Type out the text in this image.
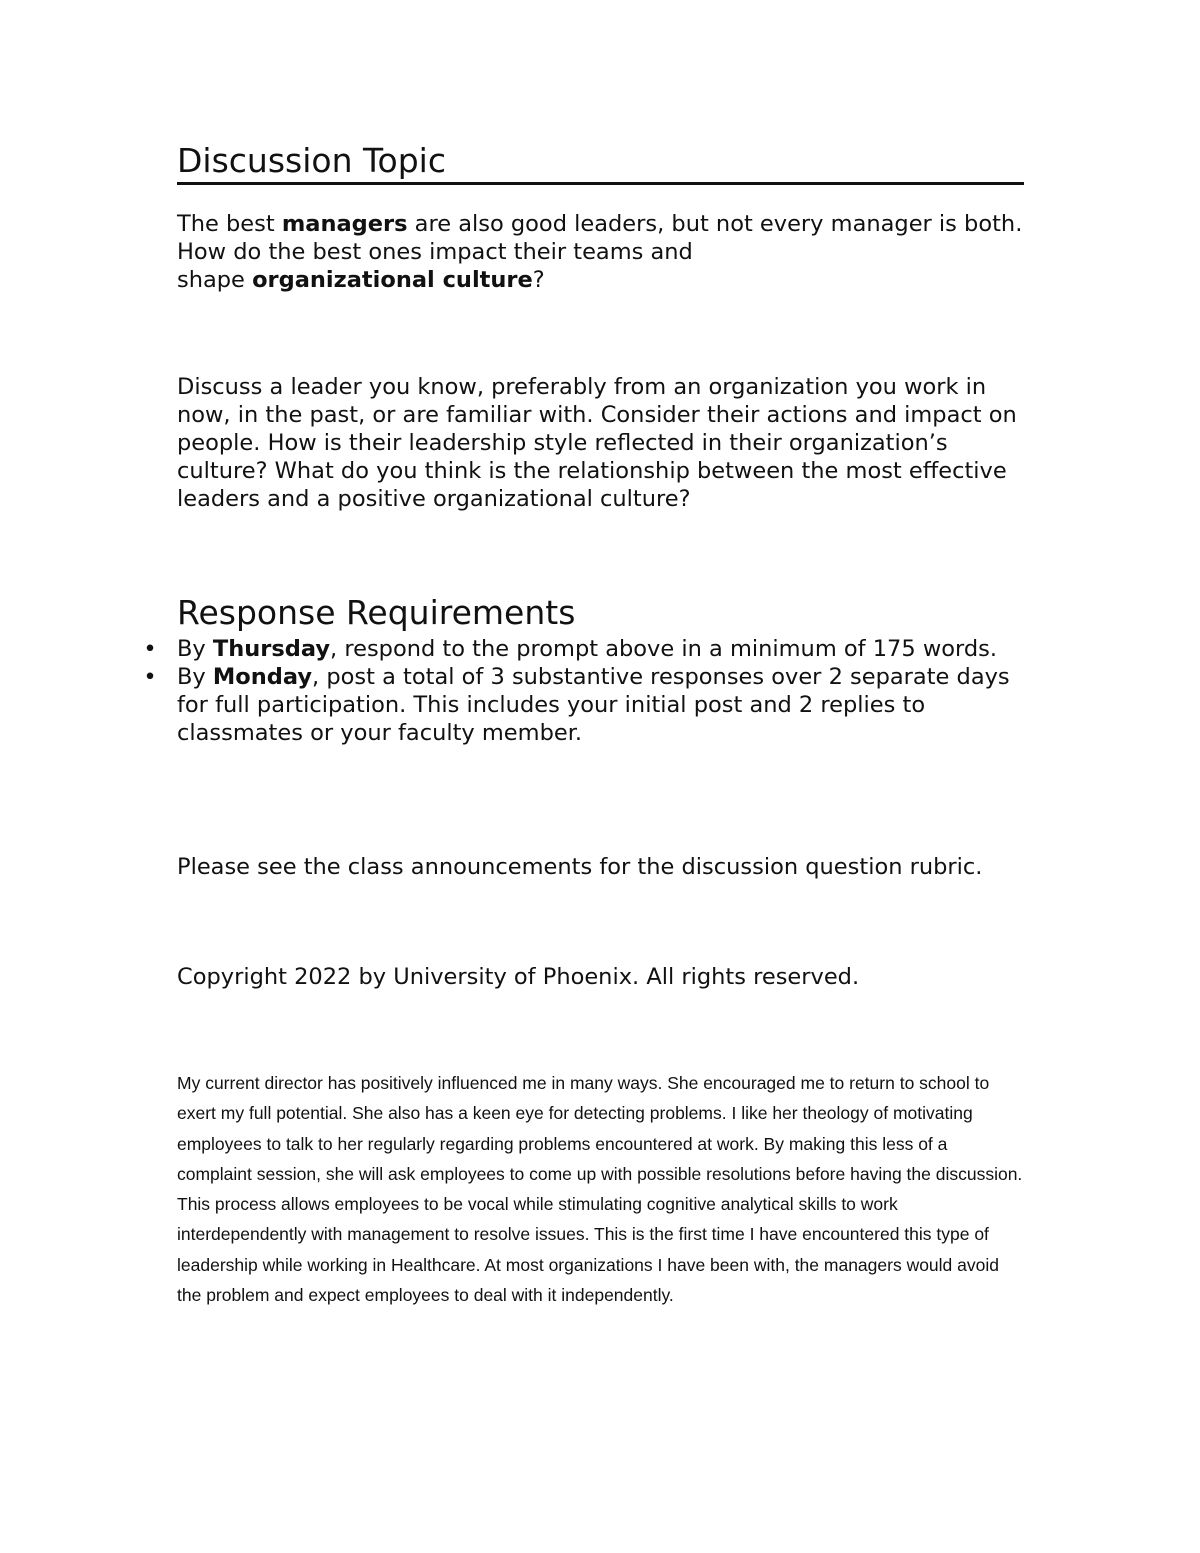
Discussion Topic

The best managers are also good leaders, but not every manager is both. How do the best ones impact their teams and
shape organizational culture?

Discuss a leader you know, preferably from an organization you work in now, in the past, or are familiar with. Consider their actions and impact on people. How is their leadership style reflected in their organization’s culture? What do you think is the relationship between the most effective leaders and a positive organizational culture?

Response Requirements
• By Thursday, respond to the prompt above in a minimum of 175 words.
• By Monday, post a total of 3 substantive responses over 2 separate days for full participation. This includes your initial post and 2 replies to classmates or your faculty member.

Please see the class announcements for the discussion question rubric.

Copyright 2022 by University of Phoenix. All rights reserved.

My current director has positively influenced me in many ways. She encouraged me to return to school to exert my full potential. She also has a keen eye for detecting problems. I like her theology of motivating employees to talk to her regularly regarding problems encountered at work. By making this less of a complaint session, she will ask employees to come up with possible resolutions before having the discussion. This process allows employees to be vocal while stimulating cognitive analytical skills to work interdependently with management to resolve issues. This is the first time I have encountered this type of leadership while working in Healthcare. At most organizations I have been with, the managers would avoid the problem and expect employees to deal with it independently.
